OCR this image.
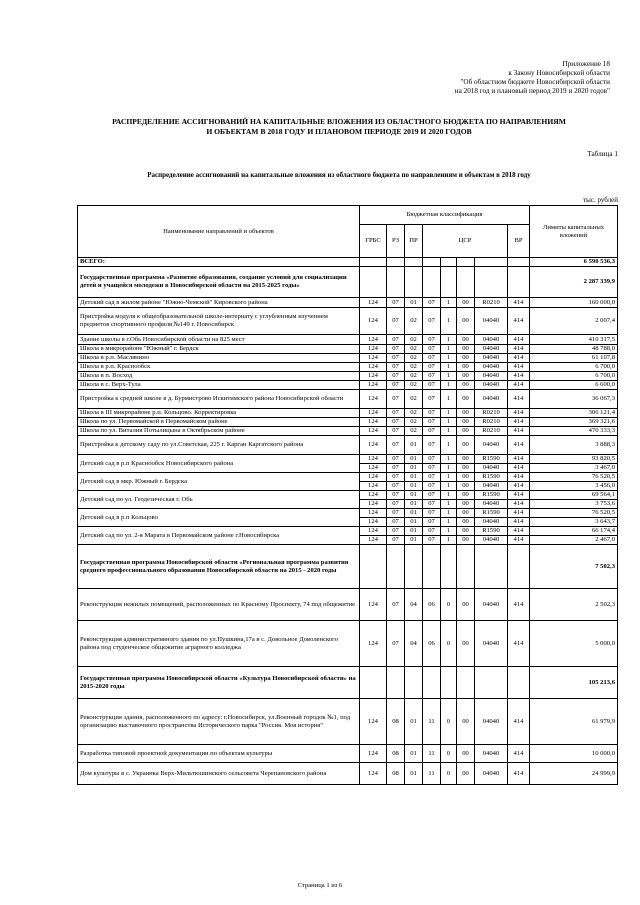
Приложение 18
к Закону Новосибирской области
"Об областном бюджете Новосибирской области
на 2018 год и плановый период 2019 и 2020 годов"
РАСПРЕДЕЛЕНИЕ АССИГНОВАНИЙ НА КАПИТАЛЬНЫЕ ВЛОЖЕНИЯ ИЗ ОБЛАСТНОГО БЮДЖЕТА ПО НАПРАВЛЕНИЯМ
И ОБЪЕКТАМ В 2018 ГОДУ И ПЛАНОВОМ ПЕРИОДЕ 2019 И 2020 ГОДОВ
Таблица 1
Распределение ассигнований на капитальные вложения из областного бюджета по направлениям и объектам в 2018 году
тыс. рублей
Наименование направлений и объектов	Бюджетная классификация								Лимиты капитальных вложений
	ГРБС	РЗ	ПР	ЦСР				ВР	
ВСЕГО:									6 590 536,3
Государственная программа «Развитие образования, создание условий для социализации детей и учащейся молодежи в Новосибирской области на 2015-2025 годы»									2 287 339,9
Детский сад в жилом районе "Южно-Чемской" Кировского района	124	07	01	07	1	00	R0210	414	160 000,0
Пристройка модуля к общеобразовательной школе-интернату с углубленным изучением предметов спортивного профиля №149 г. Новосибирск	124	07	02	07	1	00	04040	414	2 007,4
Здание школы в г.Обь Новосибирской области на 825 мест	124	07	02	07	1	00	04040	414	410 317,5
Школа в микрорайоне "Южный" г. Бердск	124	07	02	07	1	00	04040	414	48 788,0
Школа в р.п. Маслянино	124	07	02	07	1	00	04040	414	61 107,8
Школа в р.п. Краснообск	124	07	02	07	1	00	04040	414	6 700,0
Школа в п. Восход	124	07	02	07	1	00	04040	414	6 700,0
Школа в с. Верх-Тула	124	07	02	07	1	00	04040	414	6 600,0
Пристройка к средней школе в д. Бурмистрово Искитимского района Новосибирской области	124	07	02	07	1	00	04040	414	36 067,3
Школа в III микрорайоне р.п. Кольцово. Корректировка	124	07	02	07	1	00	R0210	414	306 121,4
Школа по ул. Первомайской в Первомайском районе	124	07	02	07	1	00	R0210	414	369 321,6
Школа по ул. Виталия Потылицына в Октябрьском районе	124	07	02	07	1	00	R0210	414	470 333,3
Пристройка к детскому саду по ул.Советская, 225 г. Карган Каргатского района	124	07	01	07	1	00	04040	414	3 888,3
Детский сад в р.п Краснообск Новосибирского района	124	07	01	07	1	00	R1590	414	93 820,5
	124	07	01	07	1	00	04040	414	3 467,0
Детский сад в мкр. Южный г. Бердска	124	07	01	07	1	00	R1590	414	76 520,5
	124	07	01	07	1	00	04040	414	3 456,0
Детский сад по ул. Геодезическая г. Обь	124	07	01	07	1	00	R1590	414	69 564,1
	124	07	01	07	1	00	04040	414	3 753,6
Детский сад в р.п Кольцово	124	07	01	07	1	00	R1590	414	76 520,5
	124	07	01	07	1	00	04040	414	3 643,7
Детский сад по ул. 2-я Марата в Первомайском районе г.Новосибирска	124	07	01	07	1	00	R1590	414	66 174,4
	124	07	01	07	1	00	04040	414	2 467,0
Государственная программа Новосибирской области «Региональная программа развития среднего профессионального образования Новосибирской области на 2015 - 2020 годы									7 502,3
Реконструкция нежилых помещений, расположенных по Красному Проспекту, 74 под общежитие	124	07	04	06	0	00	04040	414	2 502,3
Реконструкция административного здания по ул.Пушкина,17а в с. Довольное Доволенского района под студенческое общежитие аграрного колледжа	124	07	04	06	0	00	04040	414	5 000,0
Государственная программа Новосибирской области «Культура Новосибирской области» на 2015-2020 годы									105 213,6
Реконструкция здания, расположенного по адресу: г.Новосибирск, ул.Военный городок №1, под организацию выставочного пространства Исторического парка "Россия. Моя история"	124	08	01	11	0	00	04040	414	61 979,9
Разработка типовой проектной документации по объектам культуры	124	08	01	11	0	00	04040	414	10 000,0
Дом культуры в с. Украинка Верх-Мильтюшинского сельсовета Черепановского района	124	08	01	11	0	00	04040	414	24 999,9
Страница 1 из 6
